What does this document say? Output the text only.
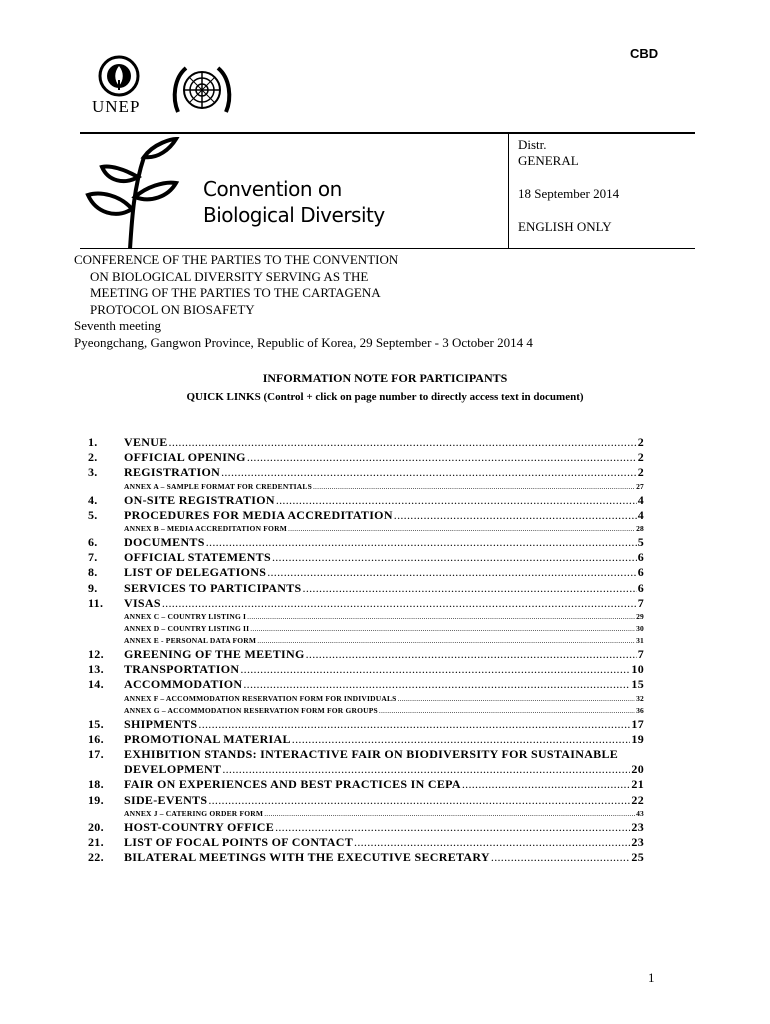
CBD
UNEP
Convention on
Biological Diversity
Distr.
GENERAL
18 September 2014
ENGLISH ONLY
CONFERENCE OF THE PARTIES TO THE CONVENTION
ON BIOLOGICAL DIVERSITY SERVING AS THE
MEETING OF THE PARTIES TO THE CARTAGENA
PROTOCOL ON BIOSAFETY
Seventh meeting
Pyeongchang, Gangwon Province, Republic of Korea, 29 September - 3 October 2014 4
INFORMATION NOTE FOR PARTICIPANTS
QUICK LINKS (Control + click on page number to directly access text in document)
1.	VENUE .....	2
2.	OFFICIAL OPENING .....	2
3.	REGISTRATION .....	2
ANNEX A – SAMPLE FORMAT FOR CREDENTIALS .....	27
4.	ON-SITE REGISTRATION .....	4
5.	PROCEDURES FOR MEDIA ACCREDITATION .....	4
ANNEX B – MEDIA ACCREDITATION FORM .....	28
6.	DOCUMENTS .....	5
7.	OFFICIAL STATEMENTS .....	6
8.	LIST OF DELEGATIONS .....	6
9.	SERVICES TO PARTICIPANTS .....	6
11.	VISAS .....	7
ANNEX C – COUNTRY LISTING I .....	29
ANNEX D – COUNTRY LISTING II .....	30
ANNEX E - PERSONAL DATA FORM .....	31
12.	GREENING OF THE MEETING .....	7
13.	TRANSPORTATION .....	10
14.	ACCOMMODATION .....	15
ANNEX F – ACCOMMODATION RESERVATION FORM FOR INDIVIDUALS .....	32
ANNEX G – ACCOMMODATION RESERVATION FORM FOR GROUPS .....	36
15.	SHIPMENTS .....	17
16.	PROMOTIONAL MATERIAL .....	19
17.	EXHIBITION STANDS: INTERACTIVE FAIR ON BIODIVERSITY FOR SUSTAINABLE
DEVELOPMENT .....	20
18.	FAIR ON EXPERIENCES AND BEST PRACTICES IN CEPA .....	21
19.	SIDE-EVENTS .....	22
ANNEX J – CATERING ORDER FORM .....	43
20.	HOST-COUNTRY OFFICE .....	23
21.	LIST OF FOCAL POINTS OF CONTACT .....	23
22.	BILATERAL MEETINGS WITH THE EXECUTIVE SECRETARY .....	25
1
